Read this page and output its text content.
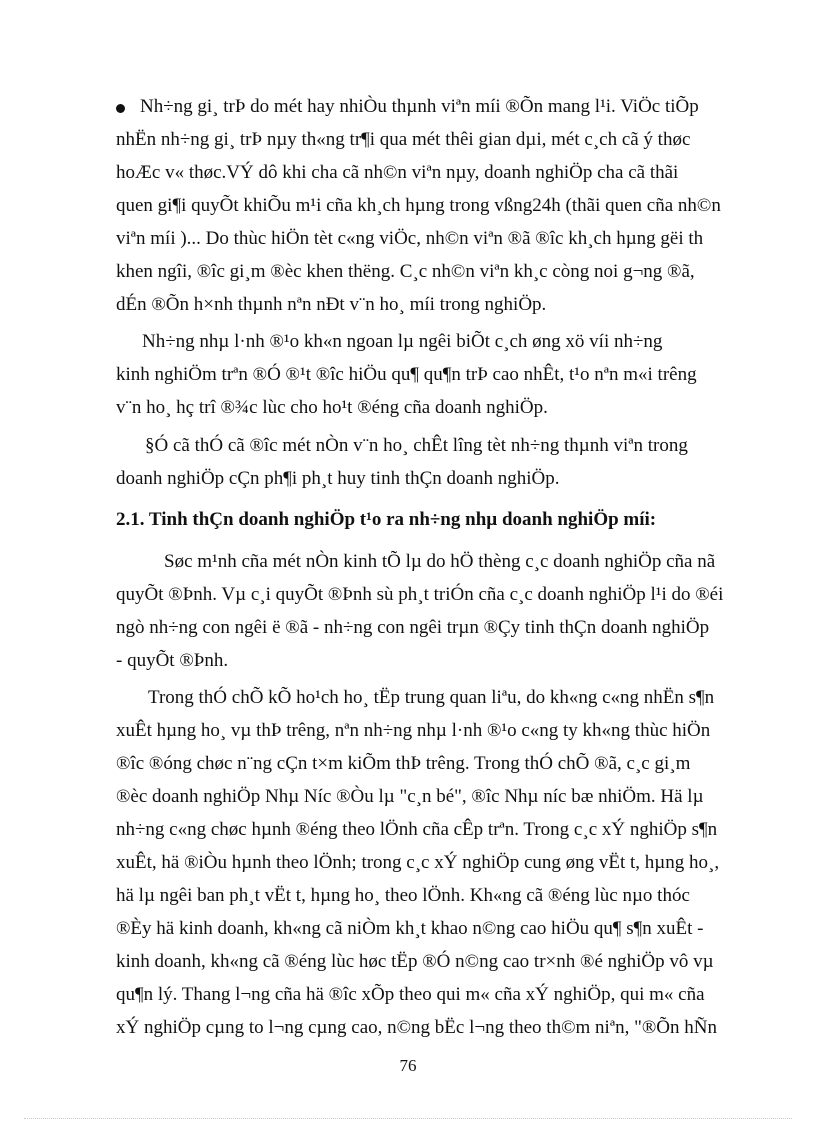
Nh÷ng gi¸ trÞ do mét hay nhiÒu thµnh viªn míi ®Õn mang l¹i. ViÖc tiÕp
nhËn nh÷ng gi¸ trÞ nµy th«ng tr¶i qua mét thêi gian dµi, mét c¸ch cã ý thøc
hoÆc v« thøc.VÝ dô khi cha cã nh©n viªn nµy, doanh nghiÖp cha cã thãi
quen gi¶i quyÕt khiÕu m¹i cña kh¸ch hµng trong vßng24h (thãi quen cña nh©n
viªn míi )... Do thùc hiÖn tèt c«ng viÖc, nh©n viªn ®ã ®îc kh¸ch hµng gëi th
khen ngîi, ®îc gi¸m ®èc khen thëng. C¸c nh©n viªn kh¸c còng noi g¬ng ®ã,
dÉn ®Õn h×nh thµnh nªn nÐt v¨n ho¸ míi trong nghiÖp.
Nh÷ng nhµ l·nh ®¹o kh«n ngoan lµ ngêi biÕt c¸ch øng xö víi nh÷ng
kinh nghiÖm trªn ®Ó ®¹t ®îc hiÖu qu¶ qu¶n trÞ cao nhÊt, t¹o nªn m«i trêng
v¨n ho¸ hç trî ®¾c lùc cho ho¹t ®éng cña doanh nghiÖp.
§Ó cã thÓ cã ®îc mét nÒn v¨n ho¸ chÊt lîng tèt nh÷ng thµnh viªn trong
doanh nghiÖp cÇn ph¶i ph¸t huy tinh thÇn doanh nghiÖp.
2.1. Tinh thÇn doanh nghiÖp t¹o ra nh÷ng nhµ doanh nghiÖp míi:
Søc m¹nh cña mét nÒn kinh tÕ lµ do hÖ thèng c¸c doanh nghiÖp cña nã
quyÕt ®Þnh. Vµ c¸i quyÕt ®Þnh sù ph¸t triÓn cña c¸c doanh nghiÖp l¹i do ®éi
ngò nh÷ng con ngêi ë ®ã - nh÷ng con ngêi trµn ®Çy tinh thÇn doanh nghiÖp
- quyÕt ®Þnh.
Trong thÓ chÕ kÕ ho¹ch ho¸ tËp trung quan liªu, do kh«ng c«ng nhËn s¶n
xuÊt hµng ho¸ vµ thÞ trêng, nªn nh÷ng nhµ l·nh ®¹o c«ng ty kh«ng thùc hiÖn
®îc ®óng chøc n¨ng cÇn t×m kiÕm thÞ trêng. Trong thÓ chÕ ®ã, c¸c gi¸m
®èc doanh nghiÖp Nhµ Níc ®Òu lµ "c¸n bé", ®îc Nhµ níc bæ nhiÖm. Hä lµ
nh÷ng c«ng chøc hµnh ®éng theo lÖnh cña cÊp trªn. Trong c¸c xÝ nghiÖp s¶n
xuÊt, hä ®iÒu hµnh theo lÖnh; trong c¸c xÝ nghiÖp cung øng vËt t, hµng ho¸,
hä lµ ngêi ban ph¸t vËt t, hµng ho¸ theo lÖnh. Kh«ng cã ®éng lùc nµo thóc
®Èy hä kinh doanh, kh«ng cã niÒm kh¸t khao n©ng cao hiÖu qu¶ s¶n xuÊt -
kinh doanh, kh«ng cã ®éng lùc høc tËp ®Ó n©ng cao tr×nh ®é nghiÖp vô vµ
qu¶n lý. Thang l¬ng cña hä ®îc xÕp theo qui m« cña xÝ nghiÖp, qui m« cña
xÝ nghiÖp cµng to l¬ng cµng cao, n©ng bËc l¬ng theo th©m niªn, "®Õn hÑn
76
